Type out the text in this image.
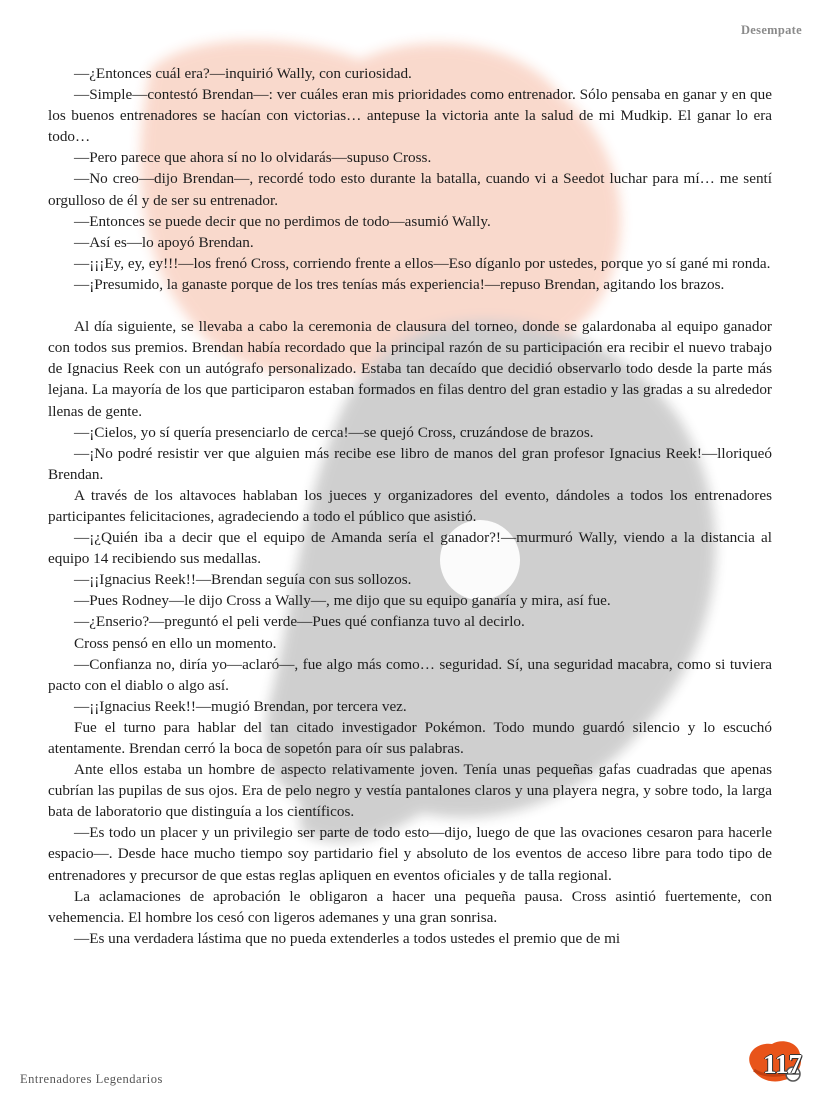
Desempate

—¿Entonces cuál era?—inquirió Wally, con curiosidad.

—Simple—contestó Brendan—: ver cuáles eran mis prioridades como entrenador. Sólo pensaba en ganar y en que los buenos entrenadores se hacían con victorias… antepuse la victoria ante la salud de mi Mudkip. El ganar lo era todo…

—Pero parece que ahora sí no lo olvidarás—supuso Cross.

—No creo—dijo Brendan—, recordé todo esto durante la batalla, cuando vi a Seedot luchar para mí… me sentí orgulloso de él y de ser su entrenador.

—Entonces se puede decir que no perdimos de todo—asumió Wally.

—Así es—lo apoyó Brendan.

—¡¡¡Ey, ey, ey!!!—los frenó Cross, corriendo frente a ellos—Eso díganlo por ustedes, porque yo sí gané mi ronda.

—¡Presumido, la ganaste porque de los tres tenías más experiencia!—repuso Brendan, agitando los brazos.

Al día siguiente, se llevaba a cabo la ceremonia de clausura del torneo, donde se galardonaba al equipo ganador con todos sus premios. Brendan había recordado que la principal razón de su participación era recibir el nuevo trabajo de Ignacius Reek con un autógrafo personalizado. Estaba tan decaído que decidió observarlo todo desde la parte más lejana. La mayoría de los que participaron estaban formados en filas dentro del gran estadio y las gradas a su alrededor llenas de gente.

—¡Cielos, yo sí quería presenciarlo de cerca!—se quejó Cross, cruzándose de brazos.

—¡No podré resistir ver que alguien más recibe ese libro de manos del gran profesor Ignacius Reek!—lloriqueó Brendan.

A través de los altavoces hablaban los jueces y organizadores del evento, dándoles a todos los entrenadores participantes felicitaciones, agradeciendo a todo el público que asistió.

—¡¿Quién iba a decir que el equipo de Amanda sería el ganador?!—murmuró Wally, viendo a la distancia al equipo 14 recibiendo sus medallas.

—¡¡Ignacius Reek!!—Brendan seguía con sus sollozos.

—Pues Rodney—le dijo Cross a Wally—, me dijo que su equipo ganaría y mira, así fue.

—¿Enserio?—preguntó el peli verde—Pues qué confianza tuvo al decirlo.

Cross pensó en ello un momento.

—Confianza no, diría yo—aclaró—, fue algo más como… seguridad. Sí, una seguridad macabra, como si tuviera pacto con el diablo o algo así.

—¡¡Ignacius Reek!!—mugió Brendan, por tercera vez.

Fue el turno para hablar del tan citado investigador Pokémon. Todo mundo guardó silencio y lo escuchó atentamente. Brendan cerró la boca de sopetón para oír sus palabras.

Ante ellos estaba un hombre de aspecto relativamente joven. Tenía unas pequeñas gafas cuadradas que apenas cubrían las pupilas de sus ojos. Era de pelo negro y vestía pantalones claros y una playera negra, y sobre todo, la larga bata de laboratorio que distinguía a los científicos.

—Es todo un placer y un privilegio ser parte de todo esto—dijo, luego de que las ovaciones cesaron para hacerle espacio—. Desde hace mucho tiempo soy partidario fiel y absoluto de los eventos de acceso libre para todo tipo de entrenadores y precursor de que estas reglas apliquen en eventos oficiales y de talla regional.

La aclamaciones de aprobación le obligaron a hacer una pequeña pausa. Cross asintió fuertemente, con vehemencia. El hombre los cesó con ligeros ademanes y una gran sonrisa.

—Es una verdadera lástima que no pueda extenderles a todos ustedes el premio que de mi

Entrenadores Legendarios	117
